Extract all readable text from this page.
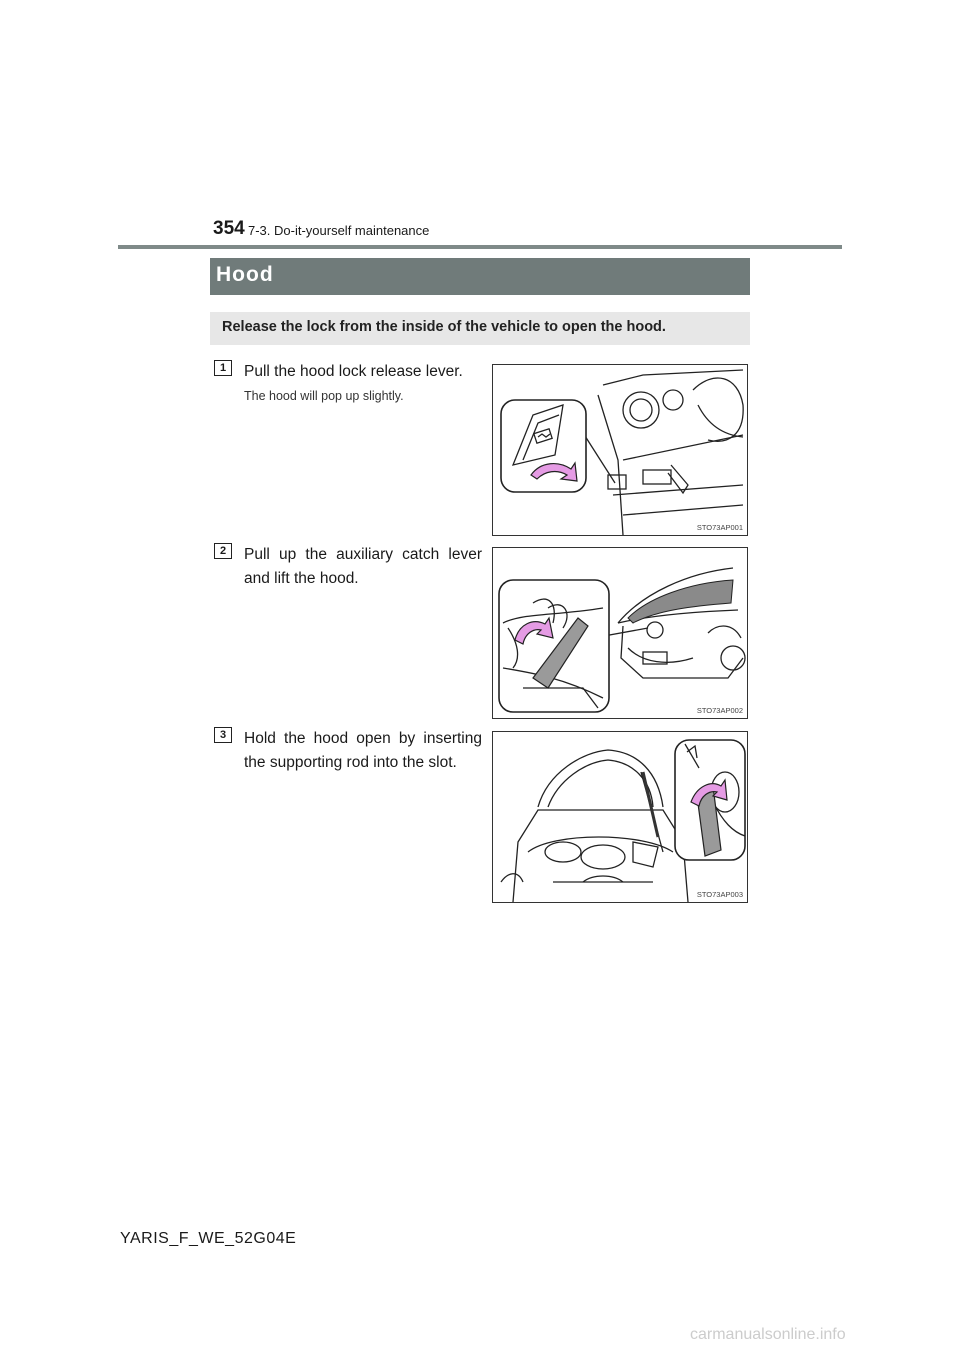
354 7-3. Do-it-yourself maintenance
Hood
Release the lock from the inside of the vehicle to open the hood.
1	Pull the hood lock release lever.
The hood will pop up slightly.
STO73AP001
2	Pull up the auxiliary catch lever and lift the hood.
STO73AP002
3	Hold the hood open by inserting the supporting rod into the slot.
STO73AP003
YARIS_F_WE_52G04E
carmanualsonline.info
